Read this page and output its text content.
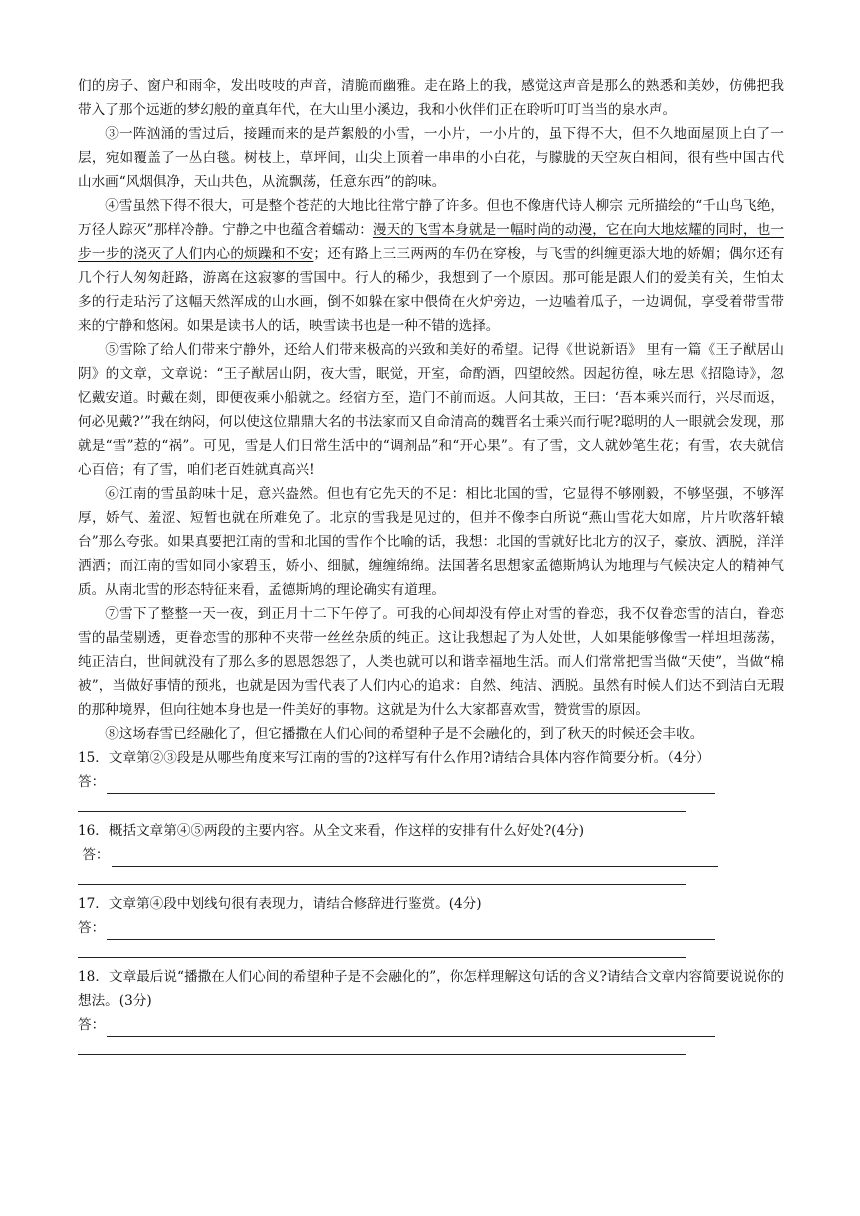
们的房子、窗户和雨伞，发出吱吱的声音，清脆而幽雅。走在路上的我，感觉这声音是那么的熟悉和美妙，仿佛把我带入了那个远逝的梦幻般的童真年代，在大山里小溪边，我和小伙伴们正在聆听叮叮当当的泉水声。

③一阵汹涌的雪过后，接踵而来的是芦絮般的小雪，一小片，一小片的，虽下得不大，但不久地面屋顶上白了一层，宛如覆盖了一丛白毯。树枝上，草坪间，山尖上顶着一串串的小白花，与朦胧的天空灰白相间，很有些中国古代山水画“风烟俱净，天山共色，从流飘荡，任意东西”的韵味。

④雪虽然下得不很大，可是整个苍茫的大地比往常宁静了许多。但也不像唐代诗人柳宗 元所描绘的“千山鸟飞绝，万径人踪灭”那样冷静。宁静之中也蕴含着蠕动：漫天的飞雪本身就是一幅时尚的动漫，它在向大地炫耀的同时，也一步一步的浇灭了人们内心的烦躁和不安；还有路上三三两两的车仍在穿梭，与飞雪的纠缠更添大地的娇媚；偶尔还有几个行人匆匆赶路，游离在这寂寥的雪国中。行人的稀少，我想到了一个原因。那可能是跟人们的爱美有关，生怕太多的行走玷污了这幅天然浑成的山水画，倒不如躲在家中偎倚在火炉旁边，一边嗑着瓜子，一边调侃，享受着带雪带来的宁静和悠闲。如果是读书人的话，映雪读书也是一种不错的选择。

⑤雪除了给人们带来宁静外，还给人们带来极高的兴致和美好的希望。记得《世说新语》 里有一篇《王子猷居山阴》的文章，文章说：“王子猷居山阴，夜大雪，眠觉，开室，命酌酒，四望皎然。因起彷徨，咏左思《招隐诗》，忽忆戴安道。时戴在剡，即便夜乘小船就之。经宿方至，造门不前而返。人问其故，王曰：‘吾本乘兴而行，兴尽而返，何必见戴?’”我在纳闷，何以使这位鼎鼎大名的书法家而又自命清高的魏晋名士乘兴而行呢?聪明的人一眼就会发现，那就是“雪”惹的“祸”。可见，雪是人们日常生活中的“调剂品”和“开心果”。有了雪，文人就妙笔生花；有雪，农夫就信心百倍；有了雪，咱们老百姓就真高兴!

⑥江南的雪虽韵味十足，意兴盎然。但也有它先天的不足：相比北国的雪，它显得不够刚毅，不够坚强，不够浑厚，娇气、羞涩、短暂也就在所难免了。北京的雪我是见过的，但并不像李白所说“燕山雪花大如席，片片吹落轩辕台”那么夸张。如果真要把江南的雪和北国的雪作个比喻的话，我想：北国的雪就好比北方的汉子，豪放、洒脱，洋洋洒洒；而江南的雪如同小家碧玉，娇小、细腻，缠缠绵绵。法国著名思想家孟德斯鸠认为地理与气候决定人的精神气质。从南北雪的形态特征来看，孟德斯鸠的理论确实有道理。

⑦雪下了整整一天一夜，到正月十二下午停了。可我的心间却没有停止对雪的眷恋，我不仅眷恋雪的洁白，眷恋雪的晶莹剔透，更眷恋雪的那种不夹带一丝丝杂质的纯正。这让我想起了为人处世，人如果能够像雪一样坦坦荡荡，纯正洁白，世间就没有了那么多的恩恩怨怨了，人类也就可以和谐幸福地生活。而人们常常把雪当做“天使”，当做“棉被”，当做好事情的预兆，也就是因为雪代表了人们内心的追求：自然、纯洁、洒脱。虽然有时候人们达不到洁白无瑕的那种境界，但向往她本身也是一件美好的事物。这就是为什么大家都喜欢雪，赞赏雪的原因。

⑧这场春雪已经融化了，但它播撒在人们心间的希望种子是不会融化的，到了秋天的时候还会丰收。

15．文章第②③段是从哪些角度来写江南的雪的?这样写有什么作用?请结合具体内容作简要分析。（4分）

答：

16．概括文章第④⑤两段的主要内容。从全文来看，作这样的安排有什么好处?(4分)

答：

17．文章第④段中划线句很有表现力，请结合修辞进行鉴赏。(4分)

答：

18．文章最后说“播撒在人们心间的希望种子是不会融化的”，你怎样理解这句话的含义?请结合文章内容简要说说你的想法。(3分)

答：
